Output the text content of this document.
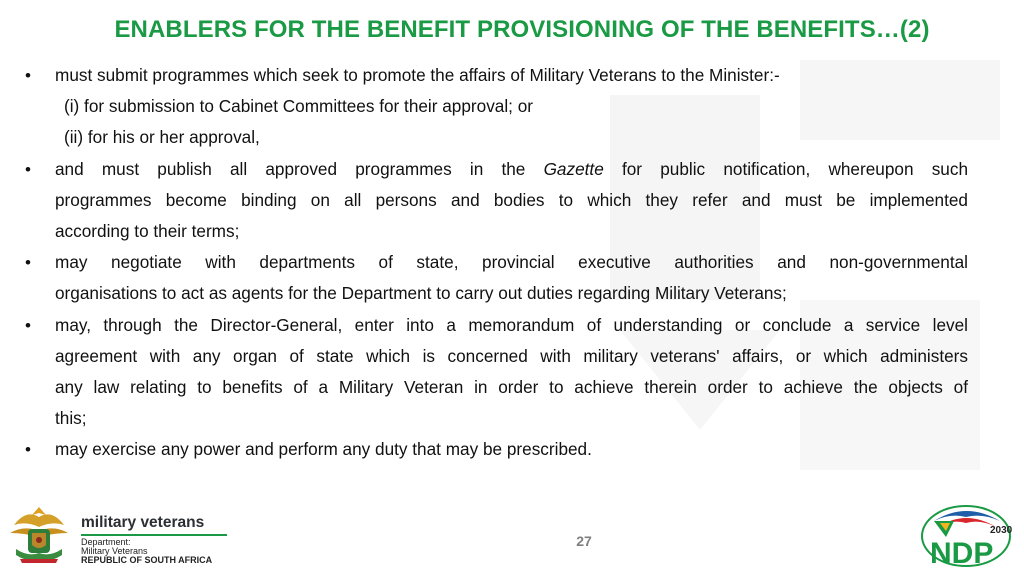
ENABLERS FOR THE BENEFIT PROVISIONING OF THE BENEFITS…(2)
• must submit programmes which seek to promote the affairs of Military Veterans to the Minister:-
(i) for submission to Cabinet Committees for their approval; or
(ii) for his or her approval,
• and must publish all approved programmes in the Gazette for public notification, whereupon such
programmes become binding on all persons and bodies to which they refer and must be implemented
according to their terms;
• may negotiate with departments of state, provincial executive authorities and non-governmental
organisations to act as agents for the Department to carry out duties regarding Military Veterans;
• may, through the Director-General, enter into a memorandum of understanding or conclude a service level
agreement with any organ of state which is concerned with military veterans' affairs, or which administers
any law relating to benefits of a Military Veteran in order to achieve therein order to achieve the objects of
this;
• may exercise any power and perform any duty that may be prescribed.
27
military veterans
Department:
Military Veterans
REPUBLIC OF SOUTH AFRICA
2030
NDP
